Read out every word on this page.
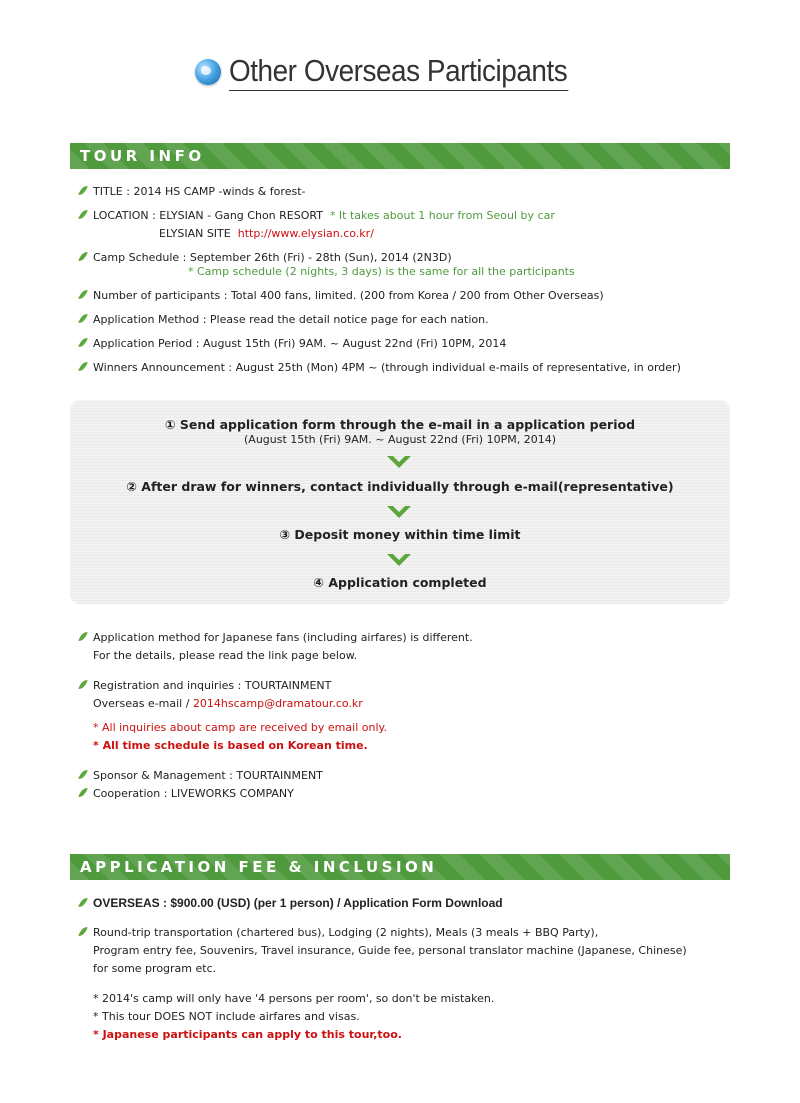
Other Overseas Participants
TOUR INFO
TITLE : 2014 HS CAMP -winds & forest-
LOCATION : ELYSIAN - Gang Chon RESORT * It takes about 1 hour from Seoul by car
ELYSIAN SITE http://www.elysian.co.kr/
Camp Schedule : September 26th (Fri) - 28th (Sun), 2014 (2N3D)
* Camp schedule (2 nights, 3 days) is the same for all the participants
Number of participants : Total 400 fans, limited. (200 from Korea / 200 from Other Overseas)
Application Method : Please read the detail notice page for each nation.
Application Period : August 15th (Fri) 9AM. ~ August 22nd (Fri) 10PM, 2014
Winners Announcement : August 25th (Mon) 4PM ~ (through individual e-mails of representative, in order)
① Send application form through the e-mail in a application period
(August 15th (Fri) 9AM. ~ August 22nd (Fri) 10PM, 2014)
② After draw for winners, contact individually through e-mail(representative)
③ Deposit money within time limit
④ Application completed
Application method for Japanese fans (including airfares) is different.
For the details, please read the link page below.
Registration and inquiries : TOURTAINMENT
Overseas e-mail / 2014hscamp@dramatour.co.kr
* All inquiries about camp are received by email only.
* All time schedule is based on Korean time.
Sponsor & Management : TOURTAINMENT
Cooperation : LIVEWORKS COMPANY
APPLICATION FEE & INCLUSION
OVERSEAS : $900.00 (USD) (per 1 person) / Application Form Download
Round-trip transportation (chartered bus), Lodging (2 nights), Meals (3 meals + BBQ Party),
Program entry fee, Souvenirs, Travel insurance, Guide fee, personal translator machine (Japanese, Chinese)
for some program etc.
* 2014's camp will only have '4 persons per room', so don't be mistaken.
* This tour DOES NOT include airfares and visas.
* Japanese participants can apply to this tour,too.
